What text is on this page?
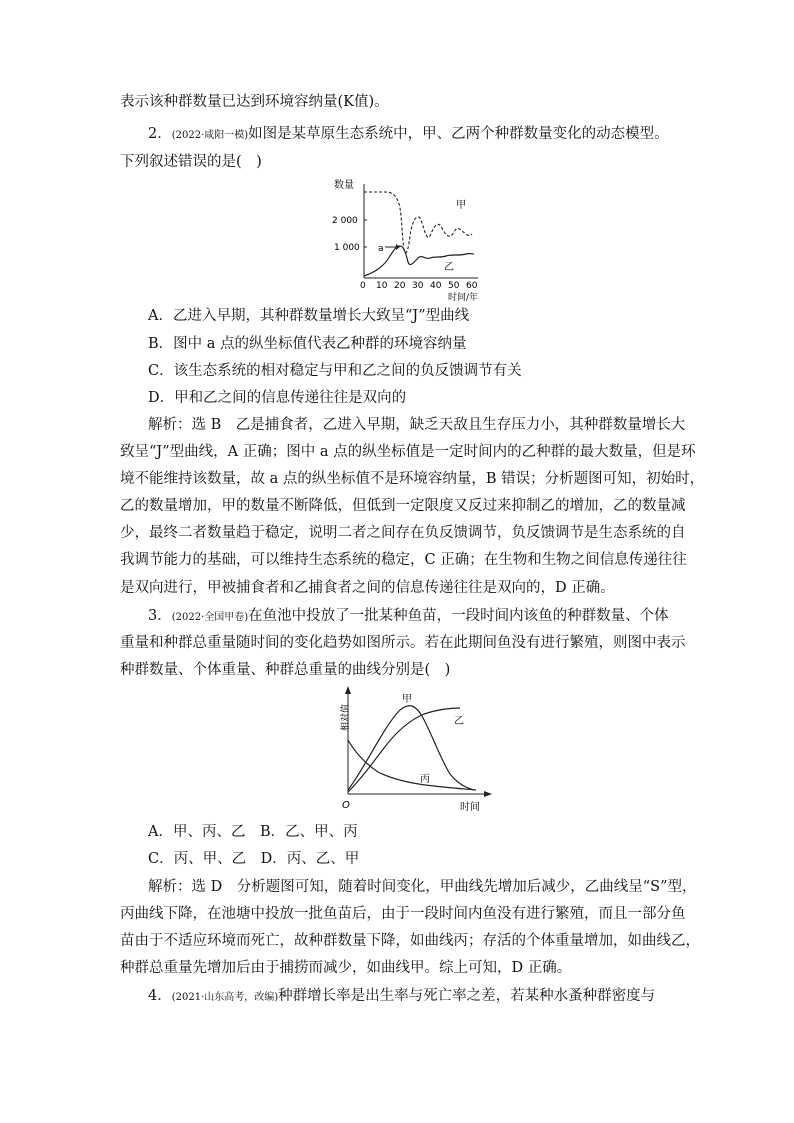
表示该种群数量已达到环境容纳量(K值)。
2．(2022·咸阳一模)如图是某草原生态系统中，甲、乙两个种群数量变化的动态模型。
下列叙述错误的是(　)
数量
2 000
1 000
0 10 20 30 40 50 60
时间/年
甲
乙
a
A．乙进入早期，其种群数量增长大致呈“J”型曲线
B．图中 a 点的纵坐标值代表乙种群的环境容纳量
C．该生态系统的相对稳定与甲和乙之间的负反馈调节有关
D．甲和乙之间的信息传递往往是双向的
解析：选 B　乙是捕食者，乙进入早期，缺乏天敌且生存压力小，其种群数量增长大
致呈“J”型曲线，A 正确；图中 a 点的纵坐标值是一定时间内的乙种群的最大数量，但是环
境不能维持该数量，故 a 点的纵坐标值不是环境容纳量，B 错误；分析题图可知，初始时，
乙的数量增加，甲的数量不断降低，但低到一定限度又反过来抑制乙的增加，乙的数量减
少，最终二者数量趋于稳定，说明二者之间存在负反馈调节，负反馈调节是生态系统的自
我调节能力的基础，可以维持生态系统的稳定，C 正确；在生物和生物之间信息传递往往
是双向进行，甲被捕食者和乙捕食者之间的信息传递往往是双向的，D 正确。
3．(2022·全国甲卷)在鱼池中投放了一批某种鱼苗，一段时间内该鱼的种群数量、个体
重量和种群总重量随时间的变化趋势如图所示。若在此期间鱼没有进行繁殖，则图中表示
种群数量、个体重量、种群总重量的曲线分别是(　)
相对值
O	时间
甲
乙
丙
A．甲、丙、乙　B．乙、甲、丙
C．丙、甲、乙　D．丙、乙、甲
解析：选 D　分析题图可知，随着时间变化，甲曲线先增加后减少，乙曲线呈“S”型，
丙曲线下降，在池塘中投放一批鱼苗后，由于一段时间内鱼没有进行繁殖，而且一部分鱼
苗由于不适应环境而死亡，故种群数量下降，如曲线丙；存活的个体重量增加，如曲线乙，
种群总重量先增加后由于捕捞而减少，如曲线甲。综上可知，D 正确。
4．(2021·山东高考，改编)种群增长率是出生率与死亡率之差，若某种水蚤种群密度与
